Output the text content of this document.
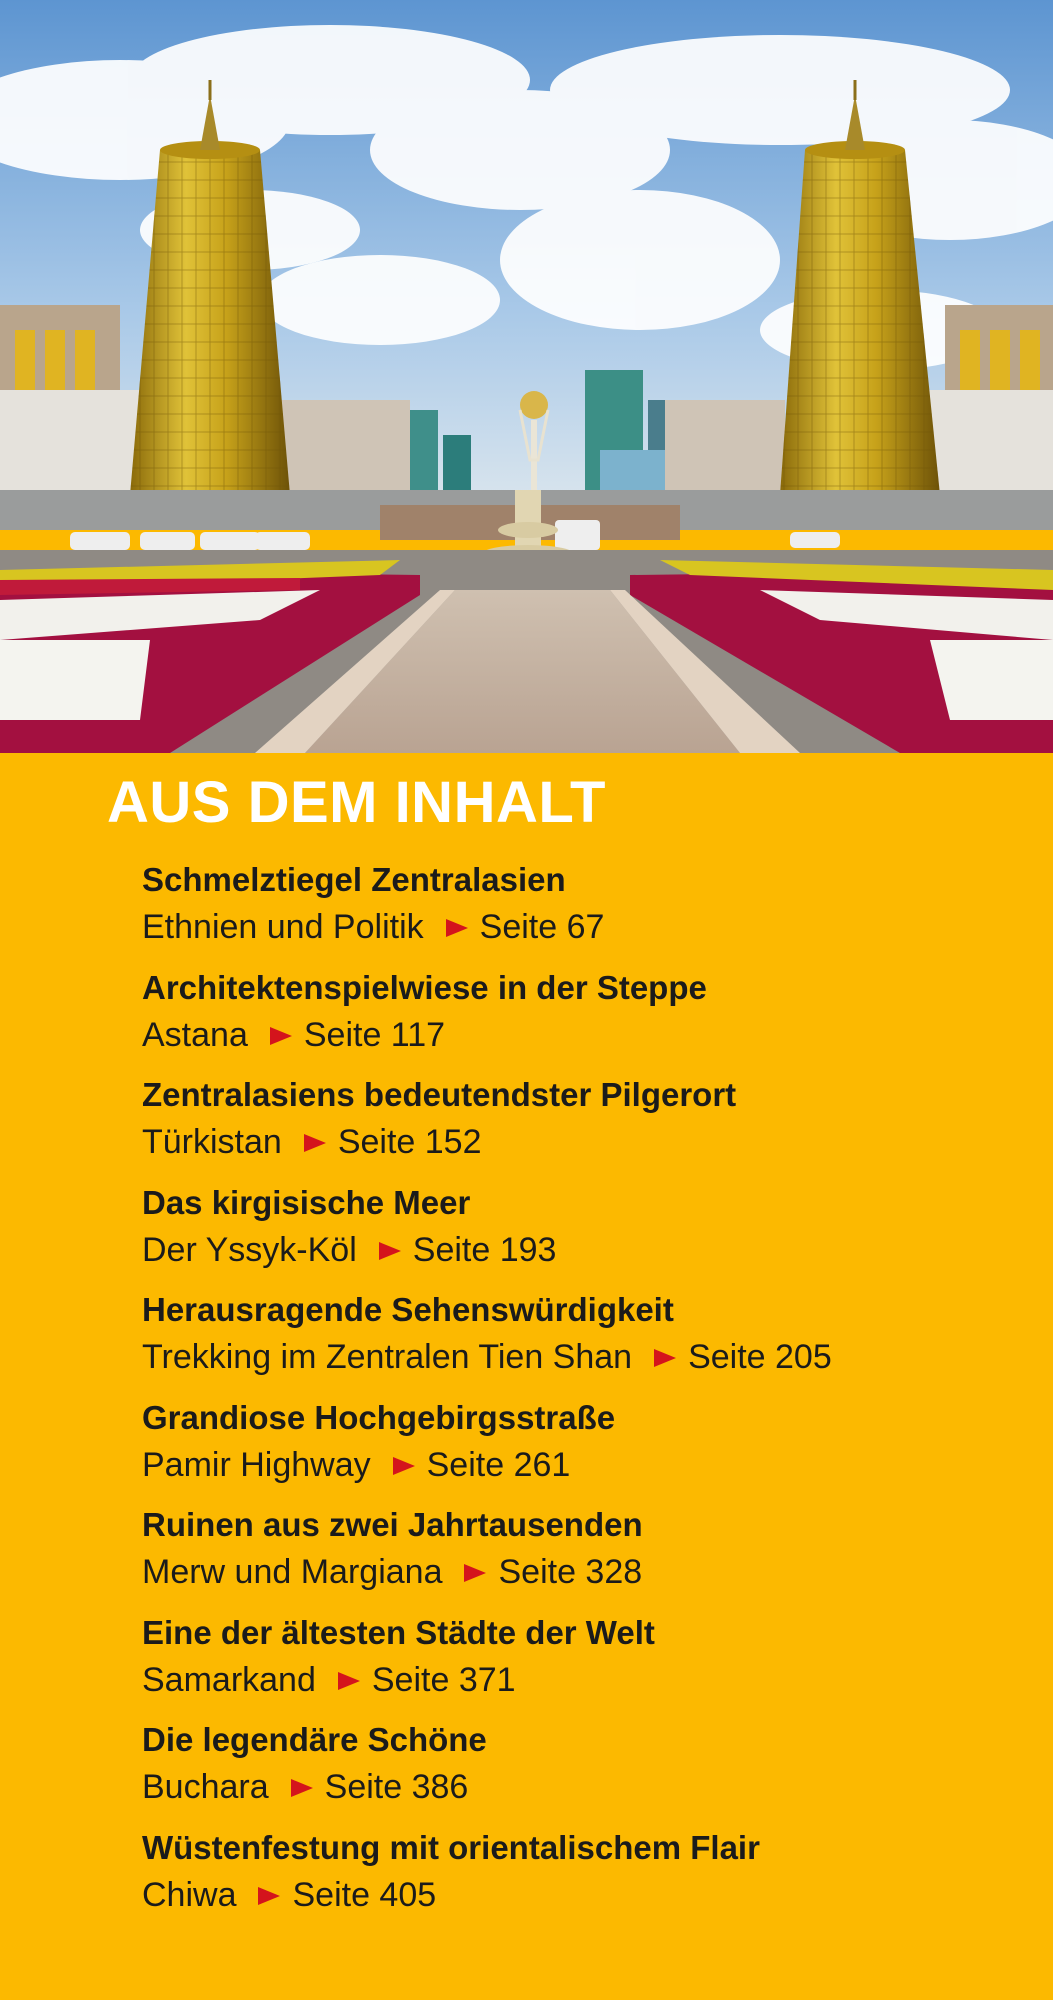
AUS DEM INHALT
Schmelztiegel Zentralasien
Ethnien und Politik Seite 67
Architektenspielwiese in der Steppe
Astana Seite 117
Zentralasiens bedeutendster Pilgerort
Türkistan Seite 152
Das kirgisische Meer
Der Yssyk-Köl Seite 193
Herausragende Sehenswürdigkeit
Trekking im Zentralen Tien Shan Seite 205
Grandiose Hochgebirgsstraße
Pamir Highway Seite 261
Ruinen aus zwei Jahrtausenden
Merw und Margiana Seite 328
Eine der ältesten Städte der Welt
Samarkand Seite 371
Die legendäre Schöne
Buchara Seite 386
Wüstenfestung mit orientalischem Flair
Chiwa Seite 405
